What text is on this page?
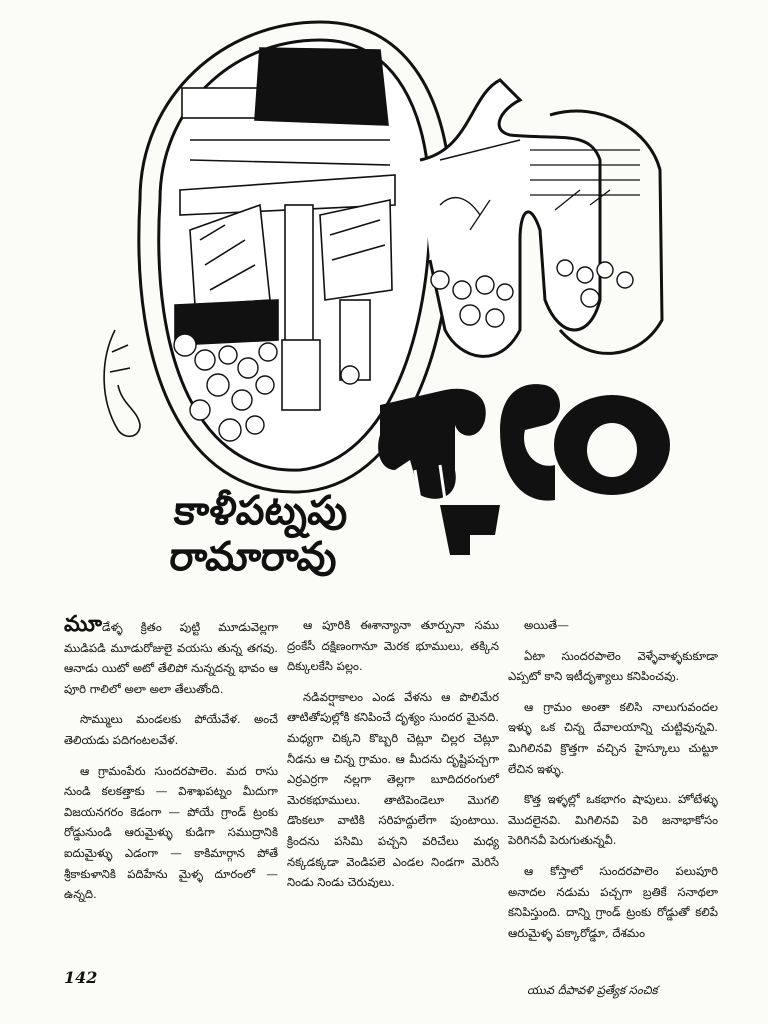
కాళీపట్నపు
రామారావు

మూడేళ్ళ క్రితం పుట్టి మూడువెల్లగా ముడిపడి మూడురోజులై వయసు తున్న తగవు. ఆనాడు యిటో అటో తేలిపో నున్నదన్న భావం ఆ పూరి గాలిలో అలా అలా తేలుతోంది.

సొమ్ములు మండలకు పోయేవేళ. అంచే తెలియడు పదిగంటలవేళ.

ఆ గ్రామంపేరు సుందరపాలెం. మద రాసు నుండి కలకత్తాకు — విశాఖపట్నం మీదుగా విజయనగరం కెడంగా — పోయే గ్రాండ్ ట్రంకు రోడ్డునుండి ఆరుమైళ్ళు కుడిగా సముద్రానికి ఐదుమైళ్ళు ఎడంగా — కాకిమార్గాన పోతే శ్రీకాకుళానికి పదిహేను మైళ్ళ దూరంలో — ఉన్నది.

ఆ పూరికి ఈశాన్యానా తూర్పునా సము ద్రంకేసీ దక్షిణంగానూ మెరక భూములు, తక్కిన దిక్కులకేసి పల్లం.

నడివర్షాకాలం ఎండ వేళను ఆ పొలిమేర తాటితోపుల్లోకి కనిపించే దృశ్యం సుందర మైనది. మధ్యగా చిక్కని కొబ్బరి చెట్లూ చిల్లర చెట్లూ నీడను ఆ చిన్న గ్రామం. ఆ మీదను దృష్టిపచ్చగా ఎర్రఎర్రగా నల్లగా తెల్లగా బూదిదరంగులో మెరకభూములు. తాటిపెండెలూ మొగలి డొంకలూ వాటికి సరిహద్దులేగా పుంటాయి. క్రిందను పసిమి పచ్చని వరిచేలు మధ్య నక్కడక్కడా వెండిపలె ఎండల నిండగా మెరిసే నిండు నిండు చెరువులు.

అయితే—

ఏటా సుందరపాలెం వెళ్ళేవాళ్ళకుకూడా ఎప్పటో కాని ఇటీదృశ్యాలు కనిపించవు.

ఆ గ్రామం అంతా కలిసి నాలుగువందల ఇళ్ళు ఒక చిన్న దేవాలయాన్ని చుట్టివున్నవి. మిగిలినవి క్రొత్తగా వచ్చిన హైస్కూలు చుట్టూ లేచిన ఇళ్ళు.

కొత్త ఇళ్ళల్లో ఒకభాగం షాపులు. హోటేళ్ళు మొదలైనవి. మిగిలినవి పెరి జనాభాకోసం పెరిగినవీ పెరుగుతున్నవీ.

ఆ కోస్తాలో సుందరపాలెం పలుపూరి అనాదల నడుమ పచ్చగా బ్రతికే సనాథలా కనిపిస్తుంది. దాన్ని గ్రాండ్ ట్రంకు రోడ్డుతో కలిపే ఆరుమైళ్ళ పక్కారోడ్డూ, దేశమం

142
యువ దీపావళి ప్రత్యేక సంచిక
